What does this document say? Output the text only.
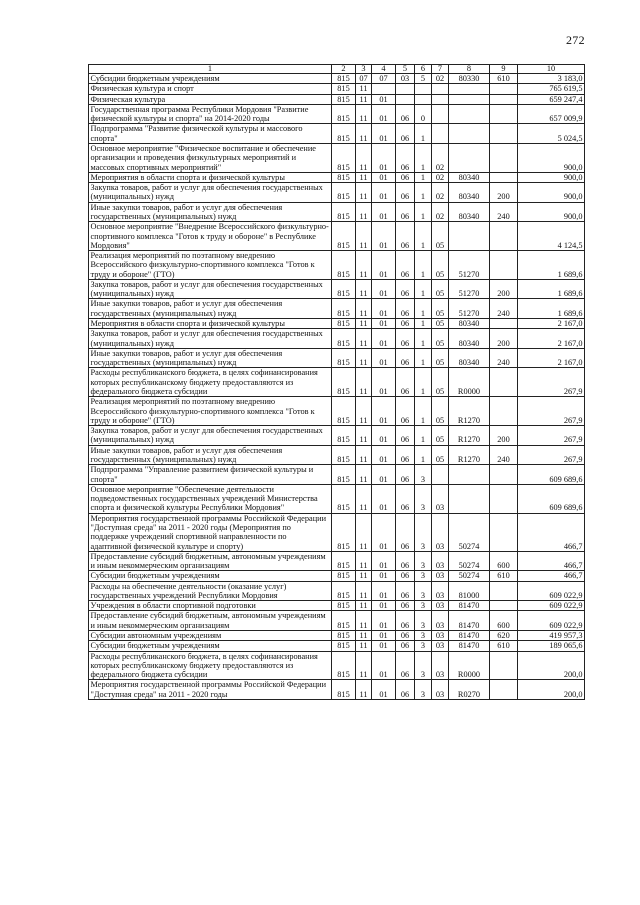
272
1	2	3	4	5	6	7	8	9	10
Субсидии бюджетным учреждениям	815	07	07	03	5	02	80330	610	3 183,0
Физическая культура и спорт	815	11							765 619,5
Физическая культура	815	11	01						659 247,4
Государственная программа Республики Мордовия "Развитие физической культуры и спорта" на 2014-2020 годы	815	11	01	06	0				657 009,9
Подпрограмма "Развитие физической культуры и массового спорта"	815	11	01	06	1				5 024,5
Основное мероприятие "Физическое воспитание и обеспечение организации и проведения физкультурных мероприятий и массовых спортивных мероприятий"	815	11	01	06	1	02			900,0
Мероприятия в области спорта и физической культуры	815	11	01	06	1	02	80340		900,0
Закупка товаров, работ и услуг для обеспечения государственных (муниципальных) нужд	815	11	01	06	1	02	80340	200	900,0
Иные закупки товаров, работ и услуг для обеспечения государственных (муниципальных) нужд	815	11	01	06	1	02	80340	240	900,0
Основное мероприятие "Внедрение Всероссийского физкультурно-спортивного комплекса "Готов к труду и обороне" в Республике Мордовия"	815	11	01	06	1	05			4 124,5
Реализация мероприятий по поэтапному внедрению Всероссийского физкультурно-спортивного комплекса "Готов к труду и обороне" (ГТО)	815	11	01	06	1	05	51270		1 689,6
Закупка товаров, работ и услуг для обеспечения государственных (муниципальных) нужд	815	11	01	06	1	05	51270	200	1 689,6
Иные закупки товаров, работ и услуг для обеспечения государственных (муниципальных) нужд	815	11	01	06	1	05	51270	240	1 689,6
Мероприятия в области спорта и физической культуры	815	11	01	06	1	05	80340		2 167,0
Закупка товаров, работ и услуг для обеспечения государственных (муниципальных) нужд	815	11	01	06	1	05	80340	200	2 167,0
Иные закупки товаров, работ и услуг для обеспечения государственных (муниципальных) нужд	815	11	01	06	1	05	80340	240	2 167,0
Расходы республиканского бюджета, в целях софинансирования которых республиканскому бюджету предоставляются из федерального бюджета субсидии	815	11	01	06	1	05	R0000		267,9
Реализация мероприятий по поэтапному внедрению Всероссийского физкультурно-спортивного комплекса "Готов к труду и обороне" (ГТО)	815	11	01	06	1	05	R1270		267,9
Закупка товаров, работ и услуг для обеспечения государственных (муниципальных) нужд	815	11	01	06	1	05	R1270	200	267,9
Иные закупки товаров, работ и услуг для обеспечения государственных (муниципальных) нужд	815	11	01	06	1	05	R1270	240	267,9
Подпрограмма "Управление развитием физической культуры и спорта"	815	11	01	06	3				609 689,6
Основное мероприятие "Обеспечение деятельности подведомственных государственных учреждений Министерства спорта и физической культуры Республики Мордовия"	815	11	01	06	3	03			609 689,6
Мероприятия государственной программы Российской Федерации "Доступная среда" на 2011 - 2020 годы (Мероприятия по поддержке учреждений спортивной направленности по адаптивной физической культуре и спорту)	815	11	01	06	3	03	50274		466,7
Предоставление субсидий бюджетным, автономным учреждениям и иным некоммерческим организациям	815	11	01	06	3	03	50274	600	466,7
Субсидии бюджетным учреждениям	815	11	01	06	3	03	50274	610	466,7
Расходы на обеспечение деятельности (оказание услуг) государственных учреждений Республики Мордовия	815	11	01	06	3	03	81000		609 022,9
Учреждения в области спортивной подготовки	815	11	01	06	3	03	81470		609 022,9
Предоставление субсидий бюджетным, автономным учреждениям и иным некоммерческим организациям	815	11	01	06	3	03	81470	600	609 022,9
Субсидии автономным учреждениям	815	11	01	06	3	03	81470	620	419 957,3
Субсидии бюджетным учреждениям	815	11	01	06	3	03	81470	610	189 065,6
Расходы республиканского бюджета, в целях софинансирования которых республиканскому бюджету предоставляются из федерального бюджета субсидии	815	11	01	06	3	03	R0000		200,0
Мероприятия государственной программы Российской Федерации "Доступная среда" на 2011 - 2020 годы	815	11	01	06	3	03	R0270		200,0
